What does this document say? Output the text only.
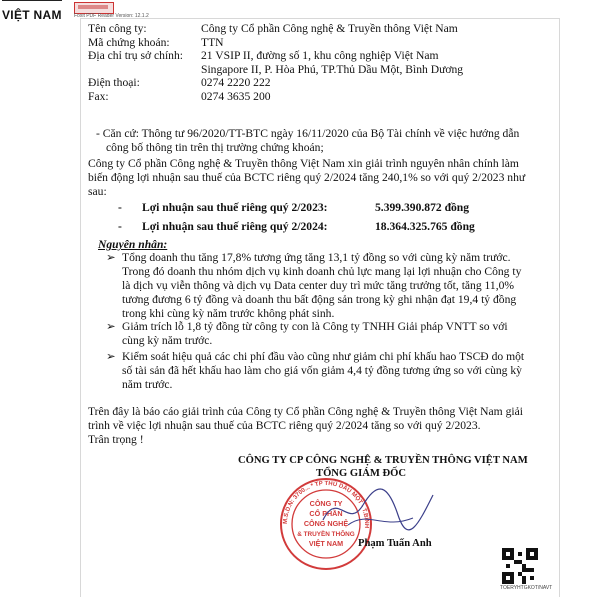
VIỆT NAM Foxit PDF Reader Version: 12.1.2
Tên công ty:	Công ty Cổ phần Công nghệ & Truyền thông Việt Nam
Mã chứng khoán:	TTN
Địa chỉ trụ sở chính:	21 VSIP II, đường số 1, khu công nghiệp Việt Nam
	Singapore II, P. Hòa Phú, TP.Thủ Dầu Một, Bình Dương
Điện thoại:	0274 2220 222
Fax:	0274 3635 200
- Căn cứ: Thông tư 96/2020/TT-BTC ngày 16/11/2020 của Bộ Tài chính về việc hướng dẫn
công bố thông tin trên thị trường chứng khoán;
Công ty Cổ phần Công nghệ & Truyền thông Việt Nam xin giải trình nguyên nhân chính làm
biến động lợi nhuận sau thuế của BCTC riêng quý 2/2024 tăng 240,1% so với quý 2/2023 như
sau:
- Lợi nhuận sau thuế riêng quý 2/2023:	5.399.390.872 đồng
- Lợi nhuận sau thuế riêng quý 2/2024:	18.364.325.765 đồng
Nguyên nhân:
➢ Tổng doanh thu tăng 17,8% tương ứng tăng 13,1 tỷ đồng so với cùng kỳ năm trước.
Trong đó doanh thu nhóm dịch vụ kinh doanh chủ lực mang lại lợi nhuận cho Công ty
là dịch vụ viễn thông và dịch vụ Data center duy trì mức tăng trưởng tốt, tăng 11,0%
tương đương 6 tỷ đồng và doanh thu bất động sản trong kỳ ghi nhận đạt 19,4 tỷ đồng
trong khi cùng kỳ năm trước không phát sinh.
➢ Giảm trích lỗ 1,8 tỷ đồng từ công ty con là Công ty TNHH Giải pháp VNTT so với
cùng kỳ năm trước.
➢ Kiểm soát hiệu quả các chi phí đầu vào cũng như giảm chi phí khấu hao TSCĐ do một
số tài sản đã hết khấu hao làm cho giá vốn giảm 4,4 tỷ đồng tương ứng so với cùng kỳ
năm trước.
Trên đây là báo cáo giải trình của Công ty Cổ phần Công nghệ & Truyền thông Việt Nam giải
trình về việc lợi nhuận sau thuế của BCTC riêng quý 2/2024 tăng so với quý 2/2023.
Trân trọng !
CÔNG TY CP CÔNG NGHỆ & TRUYỀN THÔNG VIỆT NAM
TỔNG GIÁM ĐỐC
M.S.D.N: 3700... * TP THỦ DẦU MỘT - T.BÌNH
CÔNG TY
CỔ PHẦN
CÔNG NGHỆ
& TRUYỀN THÔNG
VIỆT NAM Phạm Tuấn Anh
TOERYHTGKOT/NAVT
